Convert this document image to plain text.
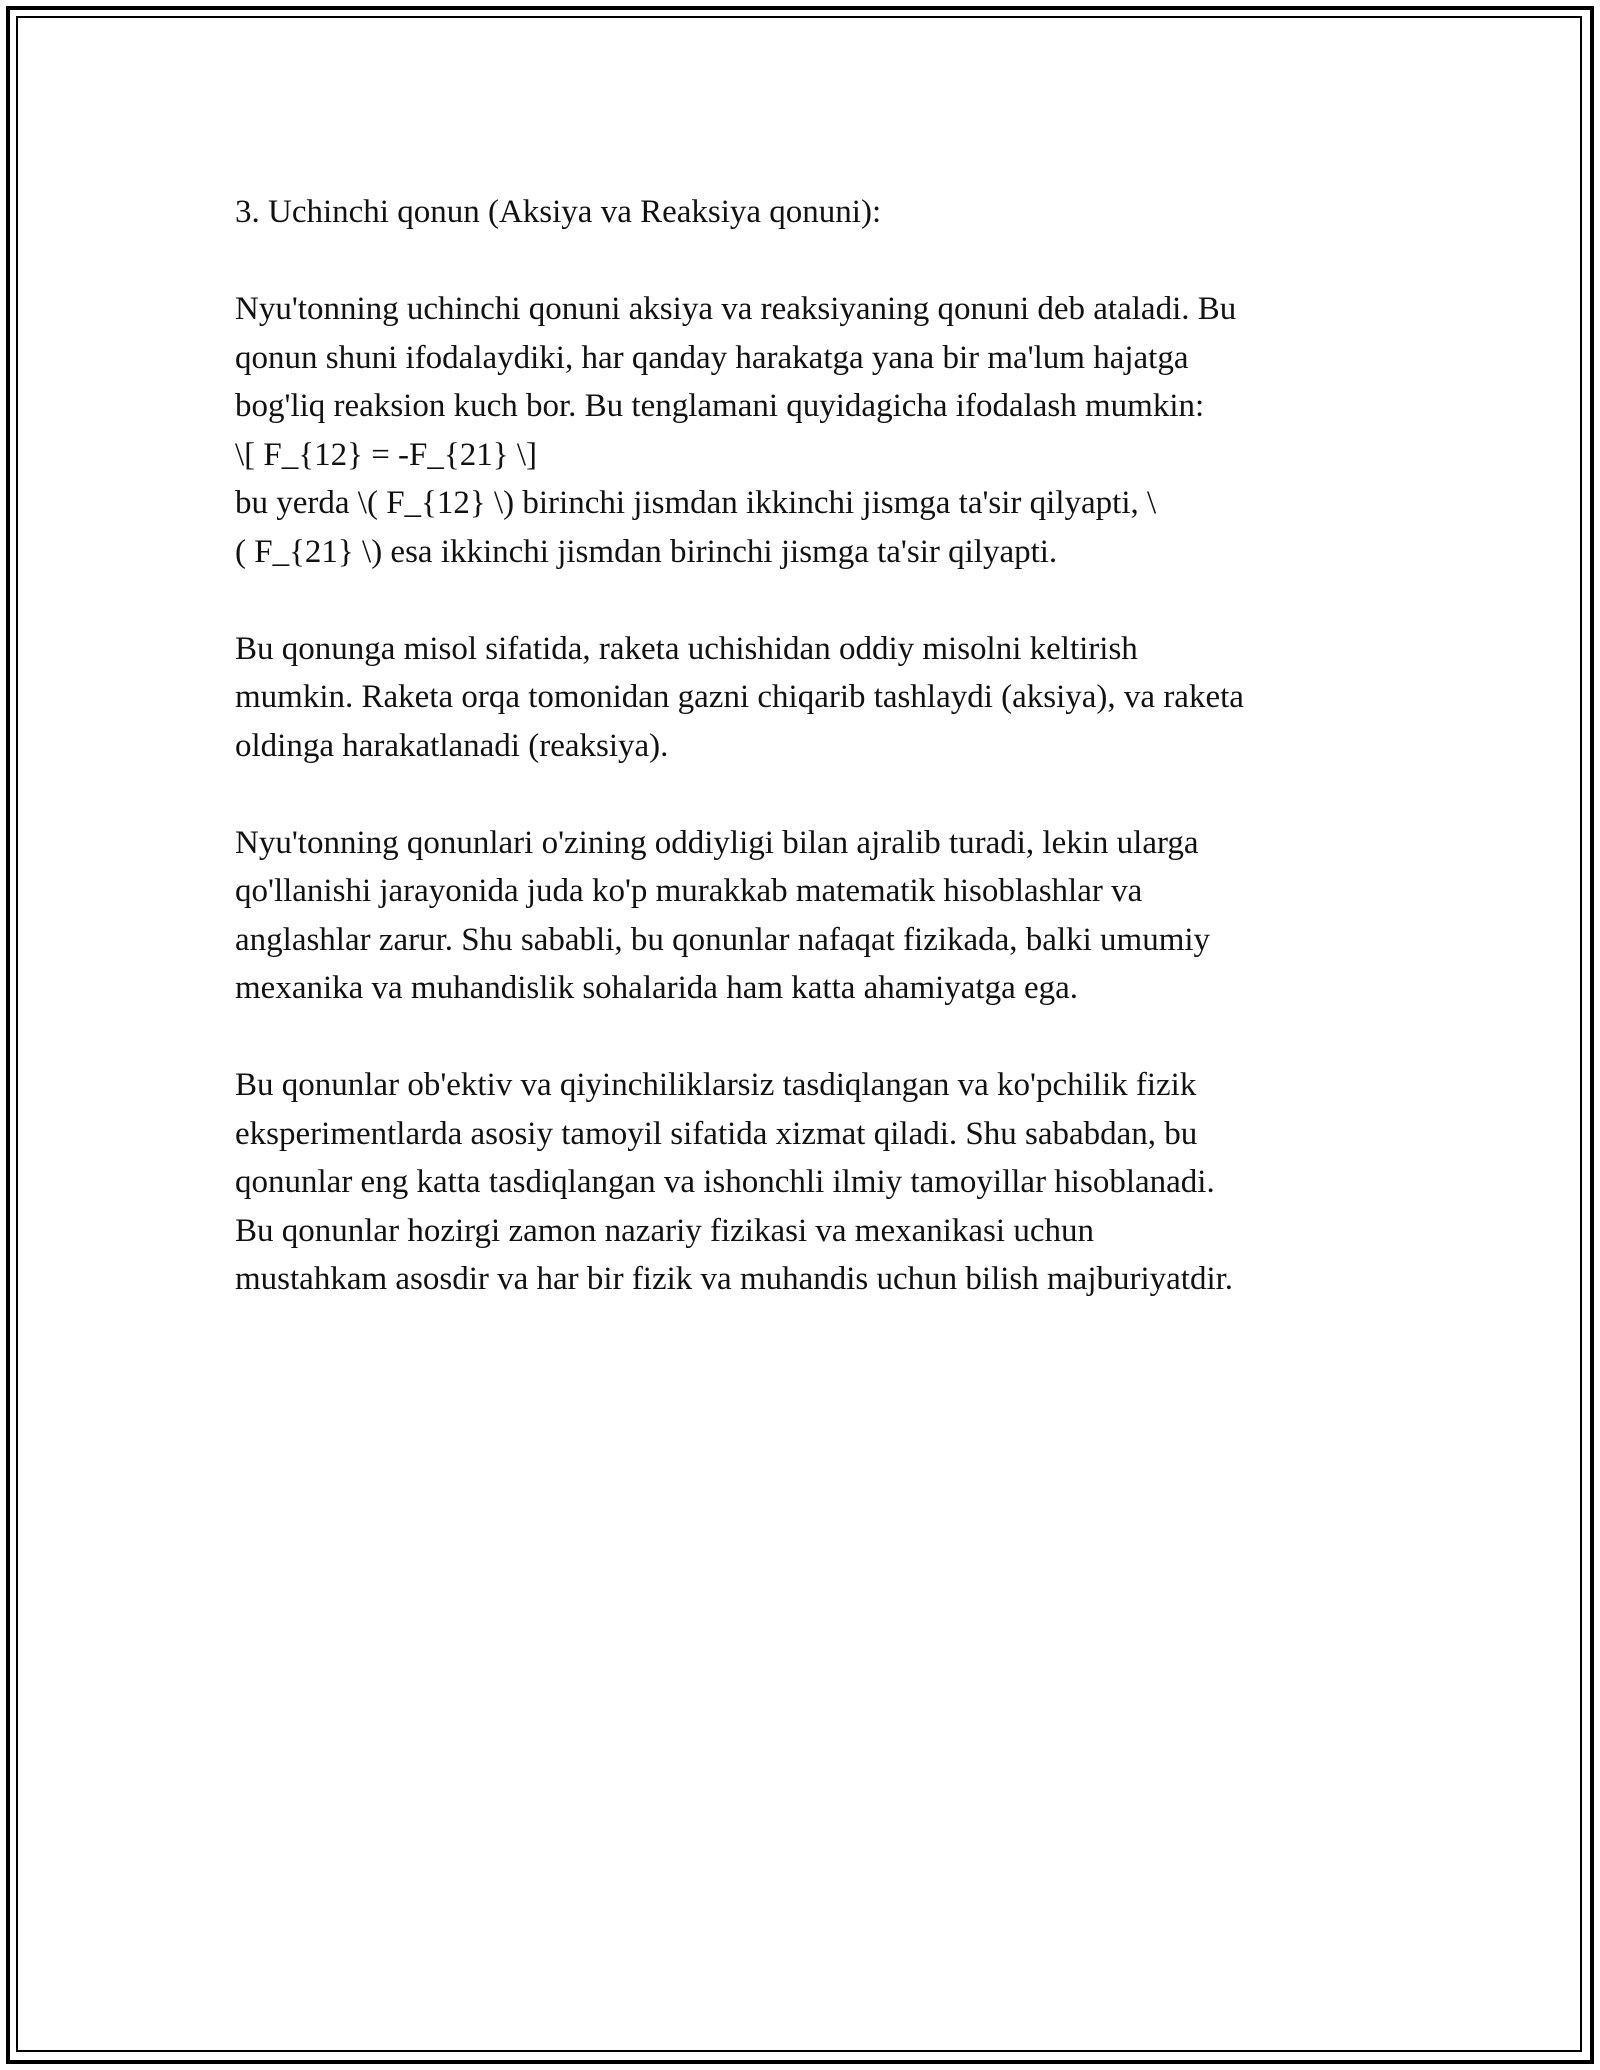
3. Uchinchi qonun (Aksiya va Reaksiya qonuni):
Nyu'tonning uchinchi qonuni aksiya va reaksiyaning qonuni deb ataladi. Bu
qonun shuni ifodalaydiki, har qanday harakatga yana bir ma'lum hajatga
bog'liq reaksion kuch bor. Bu tenglamani quyidagicha ifodalash mumkin:
\[ F_{12} = -F_{21} \]
bu yerda \( F_{12} \) birinchi jismdan ikkinchi jismga ta'sir qilyapti, \
( F_{21} \) esa ikkinchi jismdan birinchi jismga ta'sir qilyapti.
Bu qonunga misol sifatida, raketa uchishidan oddiy misolni keltirish
mumkin. Raketa orqa tomonidan gazni chiqarib tashlaydi (aksiya), va raketa
oldinga harakatlanadi (reaksiya).
Nyu'tonning qonunlari o'zining oddiyligi bilan ajralib turadi, lekin ularga
qo'llanishi jarayonida juda ko'p murakkab matematik hisoblashlar va
anglashlar zarur. Shu sababli, bu qonunlar nafaqat fizikada, balki umumiy
mexanika va muhandislik sohalarida ham katta ahamiyatga ega.
Bu qonunlar ob'ektiv va qiyinchiliklarsiz tasdiqlangan va ko'pchilik fizik
eksperimentlarda asosiy tamoyil sifatida xizmat qiladi. Shu sababdan, bu
qonunlar eng katta tasdiqlangan va ishonchli ilmiy tamoyillar hisoblanadi.
Bu qonunlar hozirgi zamon nazariy fizikasi va mexanikasi uchun
mustahkam asosdir va har bir fizik va muhandis uchun bilish majburiyatdir.
